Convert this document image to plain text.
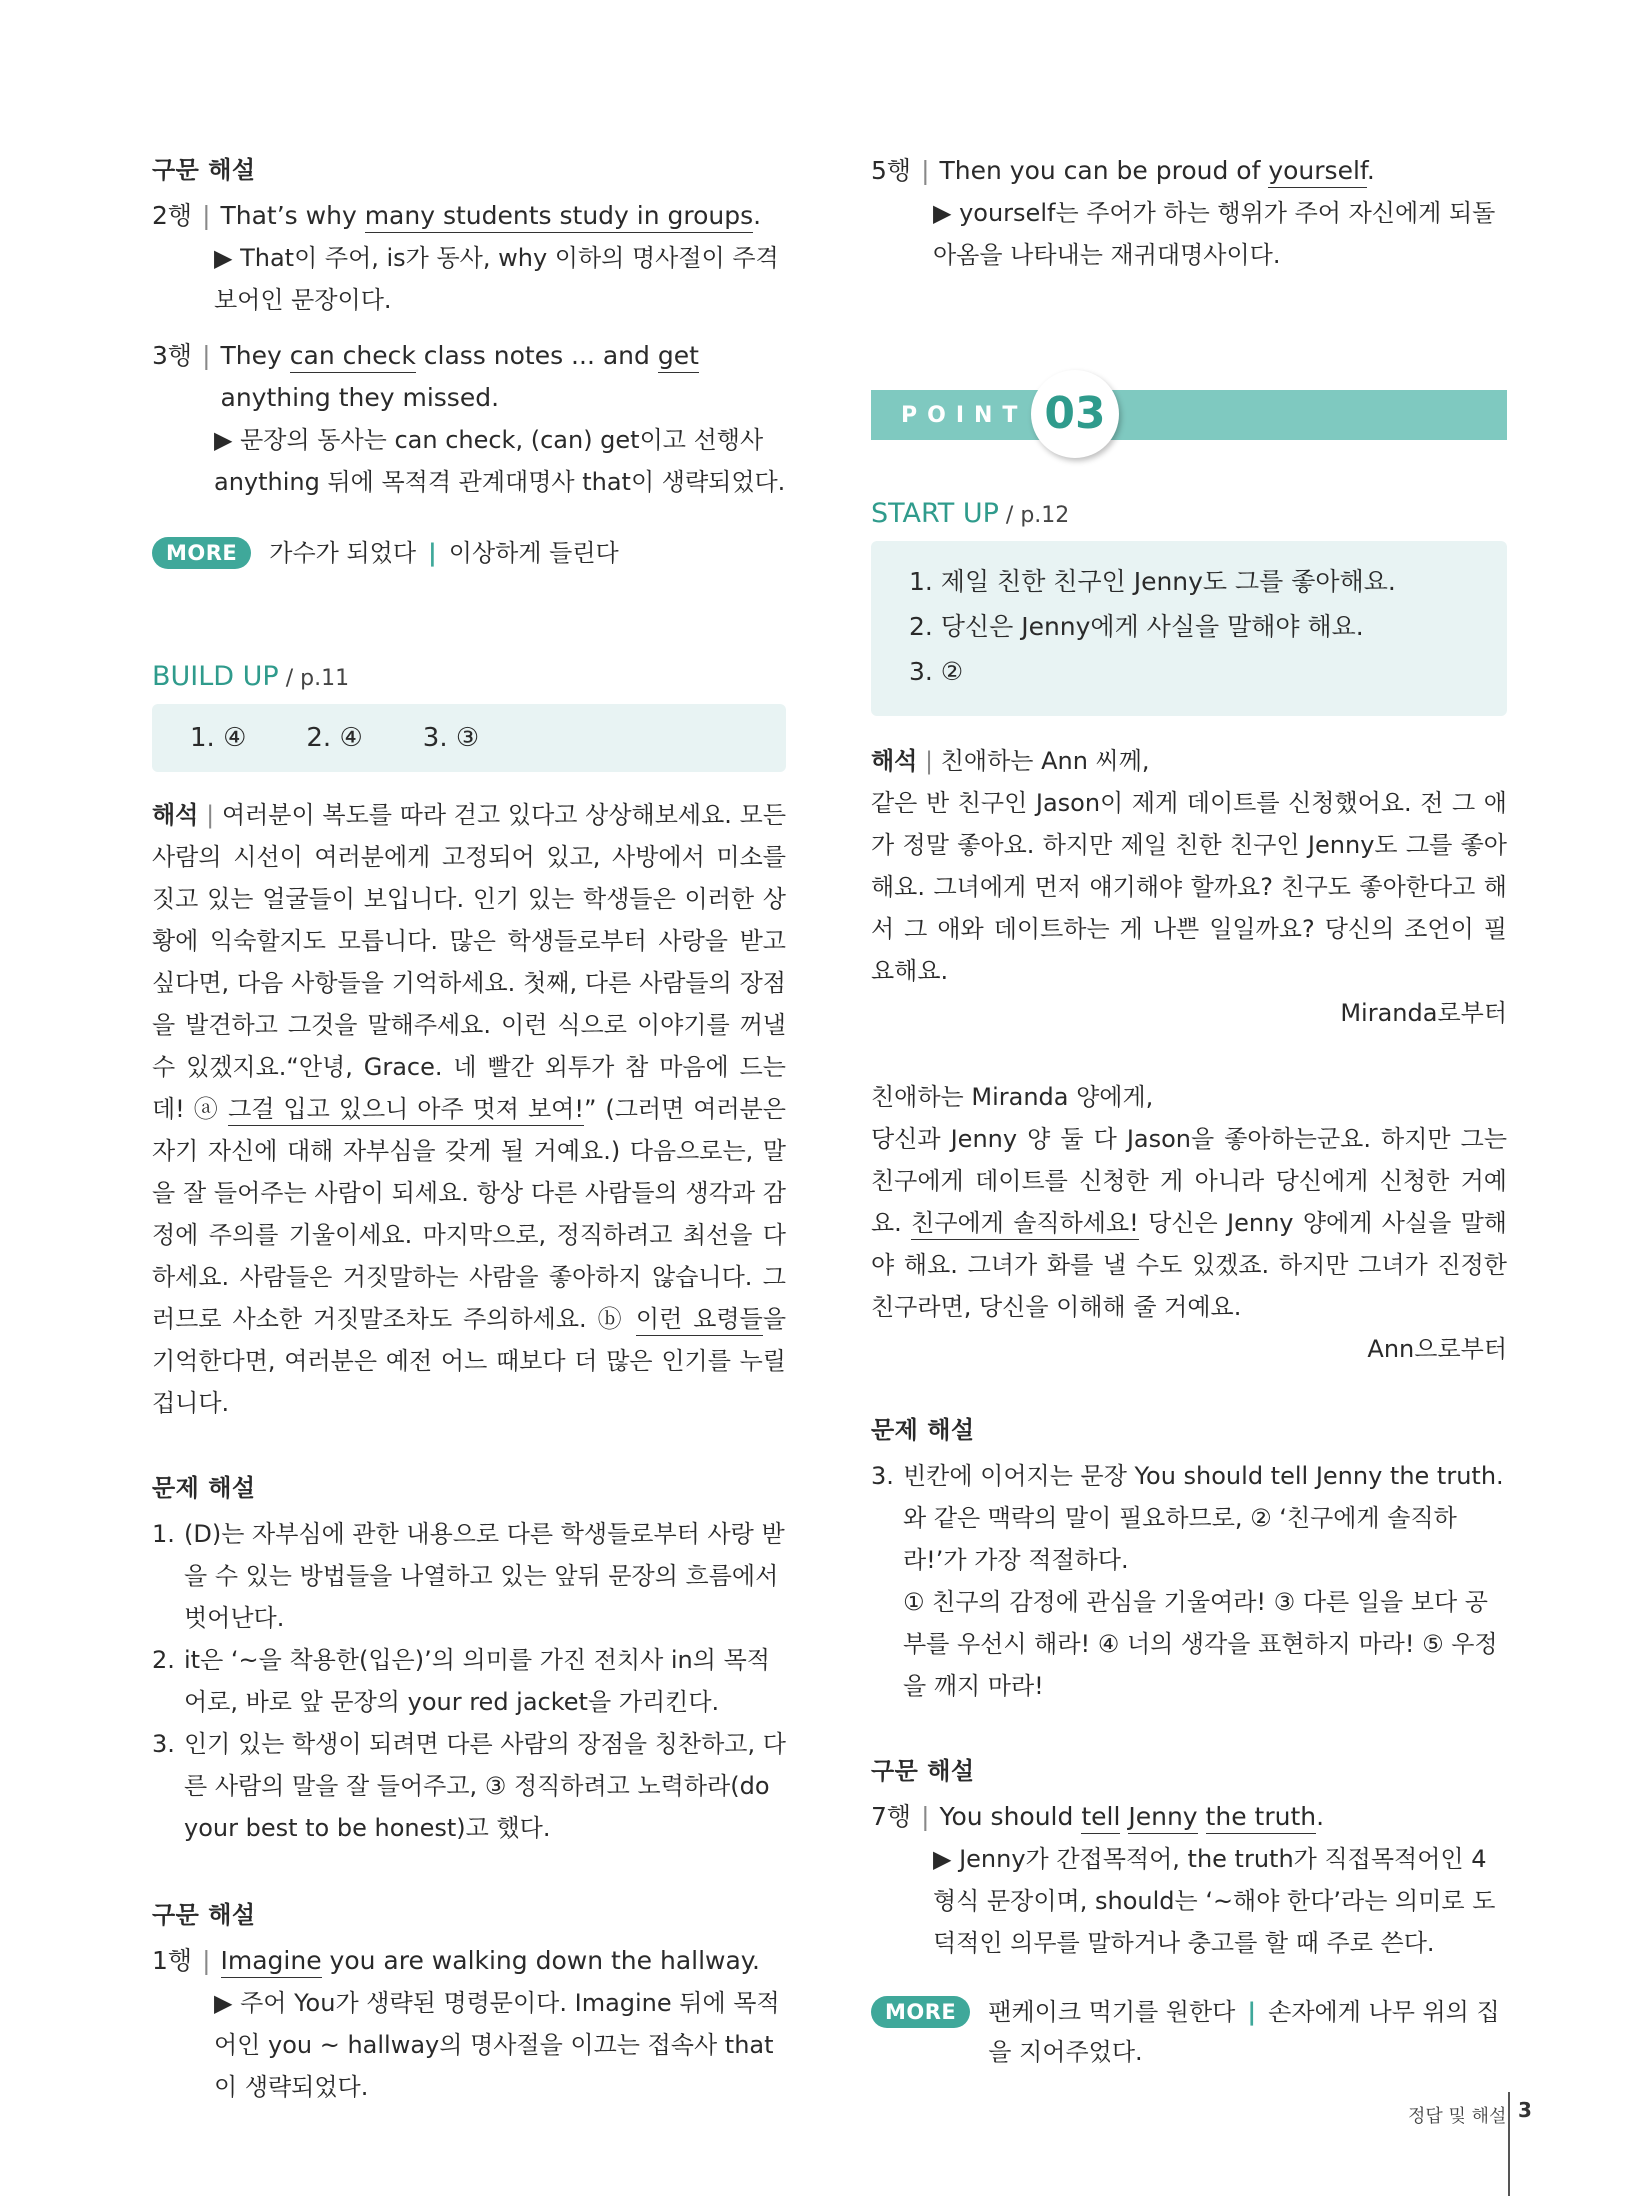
구문 해설
2행 | That’s why many students study in groups.
▶ That이 주어, is가 동사, why 이하의 명사절이 주격 보어인 문장이다.
3행 | They can check class notes ... and get anything they missed.
▶ 문장의 동사는 can check, (can) get이고 선행사 anything 뒤에 목적격 관계대명사 that이 생략되었다.
MORE	가수가 되었다 | 이상하게 들린다
BUILD UP / p.11
1. ④ 2. ④ 3. ③
해석 | 여러분이 복도를 따라 걷고 있다고 상상해보세요. 모든 사람의 시선이 여러분에게 고정되어 있고, 사방에서 미소를 짓고 있는 얼굴들이 보입니다. 인기 있는 학생들은 이러한 상황에 익숙할지도 모릅니다. 많은 학생들로부터 사랑을 받고 싶다면, 다음 사항들을 기억하세요. 첫째, 다른 사람들의 장점을 발견하고 그것을 말해주세요. 이런 식으로 이야기를 꺼낼 수 있겠지요.“안녕, Grace. 네 빨간 외투가 참 마음에 드는데! ⓐ 그걸 입고 있으니 아주 멋져 보여!” (그러면 여러분은 자기 자신에 대해 자부심을 갖게 될 거예요.) 다음으로는, 말을 잘 들어주는 사람이 되세요. 항상 다른 사람들의 생각과 감정에 주의를 기울이세요. 마지막으로, 정직하려고 최선을 다하세요. 사람들은 거짓말하는 사람을 좋아하지 않습니다. 그러므로 사소한 거짓말조차도 주의하세요. ⓑ 이런 요령들을 기억한다면, 여러분은 예전 어느 때보다 더 많은 인기를 누릴 겁니다.
문제 해설
1. (D)는 자부심에 관한 내용으로 다른 학생들로부터 사랑 받을 수 있는 방법들을 나열하고 있는 앞뒤 문장의 흐름에서 벗어난다.
2. it은 ‘~을 착용한(입은)’의 의미를 가진 전치사 in의 목적어로, 바로 앞 문장의 your red jacket을 가리킨다.
3. 인기 있는 학생이 되려면 다른 사람의 장점을 칭찬하고, 다른 사람의 말을 잘 들어주고, ③ 정직하려고 노력하라(do your best to be honest)고 했다.
구문 해설
1행 | Imagine you are walking down the hallway.
▶ 주어 You가 생략된 명령문이다. Imagine 뒤에 목적어인 you ~ hallway의 명사절을 이끄는 접속사 that이 생략되었다.
5행 | Then you can be proud of yourself.
▶ yourself는 주어가 하는 행위가 주어 자신에게 되돌아옴을 나타내는 재귀대명사이다.
POINT 03
START UP / p.12
1. 제일 친한 친구인 Jenny도 그를 좋아해요.
2. 당신은 Jenny에게 사실을 말해야 해요.
3. ②
해석 | 친애하는 Ann 씨께,
같은 반 친구인 Jason이 제게 데이트를 신청했어요. 전 그 애가 정말 좋아요. 하지만 제일 친한 친구인 Jenny도 그를 좋아해요. 그녀에게 먼저 얘기해야 할까요? 친구도 좋아한다고 해서 그 애와 데이트하는 게 나쁜 일일까요? 당신의 조언이 필요해요.
Miranda로부터
친애하는 Miranda 양에게,
당신과 Jenny 양 둘 다 Jason을 좋아하는군요. 하지만 그는 친구에게 데이트를 신청한 게 아니라 당신에게 신청한 거예요. 친구에게 솔직하세요! 당신은 Jenny 양에게 사실을 말해야 해요. 그녀가 화를 낼 수도 있겠죠. 하지만 그녀가 진정한 친구라면, 당신을 이해해 줄 거예요.
Ann으로부터
문제 해설
3. 빈칸에 이어지는 문장 You should tell Jenny the truth.와 같은 맥락의 말이 필요하므로, ② ‘친구에게 솔직하라!’가 가장 적절하다.
① 친구의 감정에 관심을 기울여라! ③ 다른 일을 보다 공부를 우선시 해라! ④ 너의 생각을 표현하지 마라! ⑤ 우정을 깨지 마라!
구문 해설
7행 | You should tell Jenny the truth.
▶ Jenny가 간접목적어, the truth가 직접목적어인 4형식 문장이며, should는 ‘~해야 한다’라는 의미로 도덕적인 의무를 말하거나 충고를 할 때 주로 쓴다.
MORE	팬케이크 먹기를 원한다 | 손자에게 나무 위의 집을 지어주었다.
정답 및 해설 3
